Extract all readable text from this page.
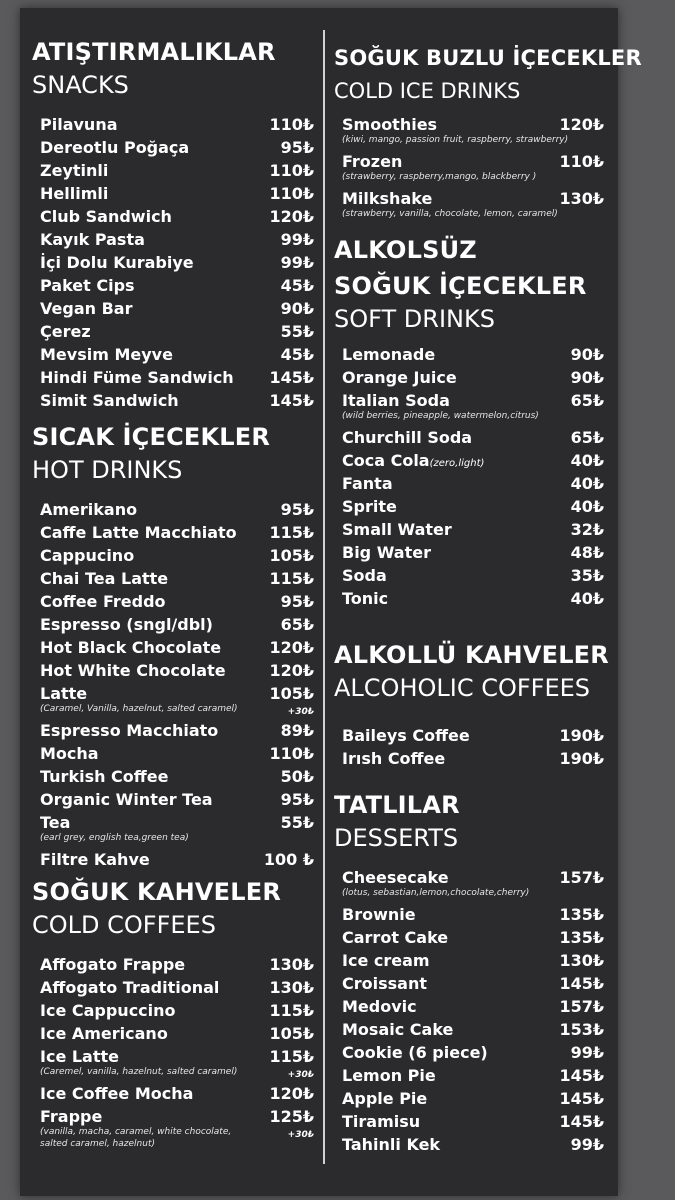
ATIŞTIRMALIKLAR
SNACKS
Pilavuna	110₺
Dereotlu Poğaça	95₺
Zeytinli	110₺
Hellimli	110₺
Club Sandwich	120₺
Kayık Pasta	99₺
İçi Dolu Kurabiye	99₺
Paket Cips	45₺
Vegan Bar	90₺
Çerez	55₺
Mevsim Meyve	45₺
Hindi Füme Sandwich 145₺
Simit Sandwich	145₺
SICAK İÇECEKLER
HOT DRINKS
Amerikano	95₺
Caffe Latte Macchiato 115₺
Cappucino	105₺
Chai Tea Latte	115₺
Coffee Freddo	95₺
Espresso (sngl/dbl)	65₺
Hot Black Chocolate	120₺
Hot White Chocolate	120₺
Latte	105₺
(Caramel, Vanilla, hazelnut, salted caramel)	+30₺
Espresso Macchiato	89₺
Mocha	110₺
Turkish Coffee	50₺
Organic Winter Tea	95₺
Tea	55₺
(earl grey, english tea,green tea)
Filtre Kahve	100 ₺
SOĞUK KAHVELER
COLD COFFEES
Affogato Frappe	130₺
Affogato Traditional	130₺
Ice Cappuccino	115₺
Ice Americano	105₺
Ice Latte	115₺
(Caremel, vanilla, hazelnut, salted caramel)	+30₺
Ice Coffee Mocha	120₺
Frappe	125₺
(vanilla, macha, caramel, white chocolate,
salted caramel, hazelnut)
+30₺
SOĞUK BUZLU İÇECEKLER
COLD ICE DRINKS
Smoothies	120₺
(kiwi, mango, passion fruit, raspberry, strawberry)
Frozen	110₺
(strawberry, raspberry,mango, blackberry )
Milkshake	130₺
(strawberry, vanilla, chocolate, lemon, caramel)
ALKOLSÜZ
SOĞUK İÇECEKLER
SOFT DRINKS
Lemonade	90₺
Orange Juice	90₺
Italian Soda	65₺
(wild berries, pineapple, watermelon,citrus)
Churchill Soda	65₺
Coca Cola(zero,light)	40₺
Fanta	40₺
Sprite	40₺
Small Water	32₺
Big Water	48₺
Soda	35₺
Tonic	40₺
ALKOLLÜ KAHVELER
ALCOHOLIC COFFEES
Baileys Coffee	190₺
Irısh Coffee	190₺
TATLILAR
DESSERTS
Cheesecake	157₺
(lotus, sebastian,lemon,chocolate,cherry)
Brownie	135₺
Carrot Cake	135₺
Ice cream	130₺
Croissant	145₺
Medovic	157₺
Mosaic Cake	153₺
Cookie (6 piece)	99₺
Lemon Pie	145₺
Apple Pie	145₺
Tiramisu	145₺
Tahinli Kek	99₺
